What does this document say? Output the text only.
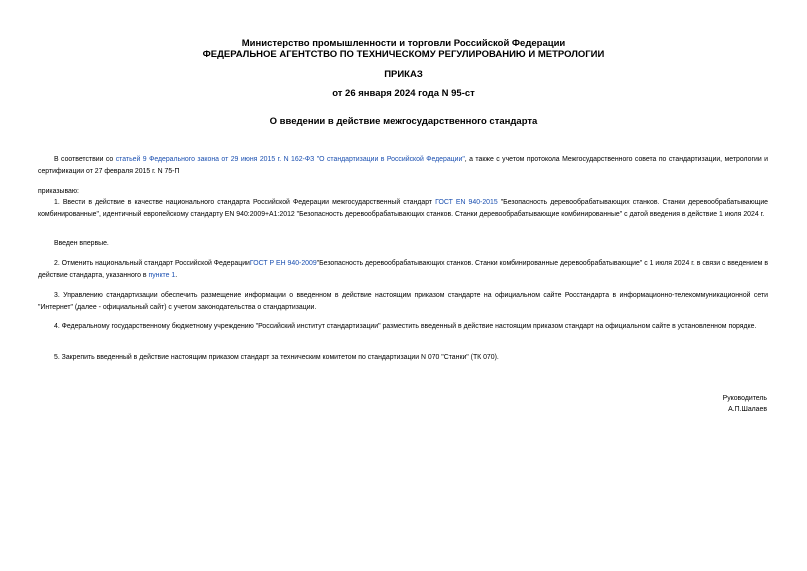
Министерство промышленности и торговли Российской Федерации
ФЕДЕРАЛЬНОЕ АГЕНТСТВО ПО ТЕХНИЧЕСКОМУ РЕГУЛИРОВАНИЮ И МЕТРОЛОГИИ
ПРИКАЗ
от 26 января 2024 года N 95-ст
О введении в действие межгосударственного стандарта

В соответствии со статьей 9 Федерального закона от 29 июня 2015 г. N 162-ФЗ "О стандартизации в Российской Федерации", а также с учетом протокола Межгосударственного совета по стандартизации, метрологии и сертификации от 27 февраля 2015 г. N 75-П

приказываю:

1. Ввести в действие в качестве национального стандарта Российской Федерации межгосударственный стандарт ГОСТ EN 940-2015 "Безопасность деревообрабатывающих станков. Станки деревообрабатывающие комбинированные", идентичный европейскому стандарту EN 940:2009+A1:2012 "Безопасность деревообрабатывающих станков. Станки деревообрабатывающие комбинированные" с датой введения в действие 1 июля 2024 г.

Введен впервые.

2. Отменить национальный стандарт Российской ФедерацииГОСТ Р ЕН 940-2009"Безопасность деревообрабатывающих станков. Станки комбинированные деревообрабатывающие" с 1 июля 2024 г. в связи с введением в действие стандарта, указанного в пункте 1.

3. Управлению стандартизации обеспечить размещение информации о введенном в действие настоящим приказом стандарте на официальном сайте Росстандарта в информационно-телекоммуникационной сети "Интернет" (далее - официальный сайт) с учетом законодательства о стандартизации.

4. Федеральному государственному бюджетному учреждению "Российский институт стандартизации" разместить введенный в действие настоящим приказом стандарт на официальном сайте в установленном порядке.

5. Закрепить введенный в действие настоящим приказом стандарт за техническим комитетом по стандартизации N 070 "Станки" (ТК 070).

Руководитель
А.П.Шалаев
